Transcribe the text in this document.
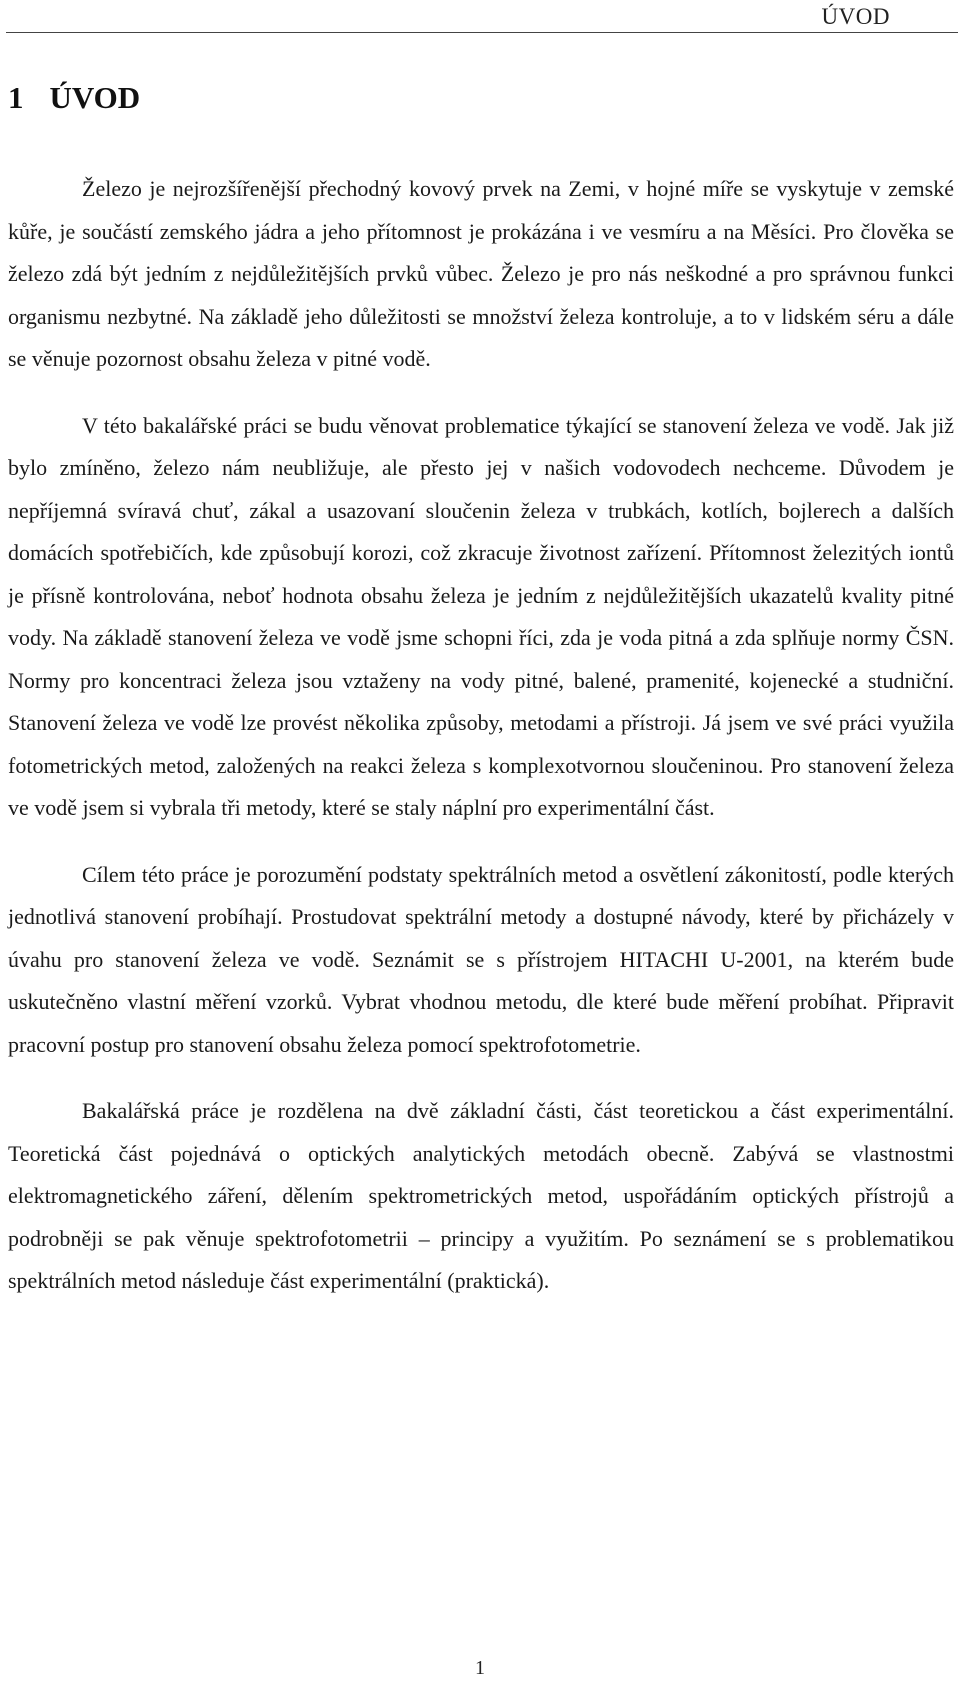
ÚVOD
1 ÚVOD

Železo je nejrozšířenější přechodný kovový prvek na Zemi, v hojné míře se vyskytuje v zemské kůře, je součástí zemského jádra a jeho přítomnost je prokázána i ve vesmíru a na Měsíci. Pro člověka se železo zdá být jedním z nejdůležitějších prvků vůbec. Železo je pro nás neškodné a pro správnou funkci organismu nezbytné. Na základě jeho důležitosti se množství železa kontroluje, a to v lidském séru a dále se věnuje pozornost obsahu železa v pitné vodě.

V této bakalářské práci se budu věnovat problematice týkající se stanovení železa ve vodě. Jak již bylo zmíněno, železo nám neubližuje, ale přesto jej v našich vodovodech nechceme. Důvodem je nepříjemná svíravá chuť, zákal a usazovaní sloučenin železa v trubkách, kotlích, bojlerech a dalších domácích spotřebičích, kde způsobují korozi, což zkracuje životnost zařízení. Přítomnost železitých iontů je přísně kontrolována, neboť hodnota obsahu železa je jedním z nejdůležitějších ukazatelů kvality pitné vody. Na základě stanovení železa ve vodě jsme schopni říci, zda je voda pitná a zda splňuje normy ČSN. Normy pro koncentraci železa jsou vztaženy na vody pitné, balené, pramenité, kojenecké a studniční. Stanovení železa ve vodě lze provést několika způsoby, metodami a přístroji. Já jsem ve své práci využila fotometrických metod, založených na reakci železa s komplexotvornou sloučeninou. Pro stanovení železa ve vodě jsem si vybrala tři metody, které se staly náplní pro experimentální část.

Cílem této práce je porozumění podstaty spektrálních metod a osvětlení zákonitostí, podle kterých jednotlivá stanovení probíhají. Prostudovat spektrální metody a dostupné návody, které by přicházely v úvahu pro stanovení železa ve vodě. Seznámit se s přístrojem HITACHI U-2001, na kterém bude uskutečněno vlastní měření vzorků. Vybrat vhodnou metodu, dle které bude měření probíhat. Připravit pracovní postup pro stanovení obsahu železa pomocí spektrofotometrie.

Bakalářská práce je rozdělena na dvě základní části, část teoretickou a část experimentální. Teoretická část pojednává o optických analytických metodách obecně. Zabývá se vlastnostmi elektromagnetického záření, dělením spektrometrických metod, uspořádáním optických přístrojů a podrobněji se pak věnuje spektrofotometrii – principy a využitím. Po seznámení se s problematikou spektrálních metod následuje část experimentální (praktická).

1
